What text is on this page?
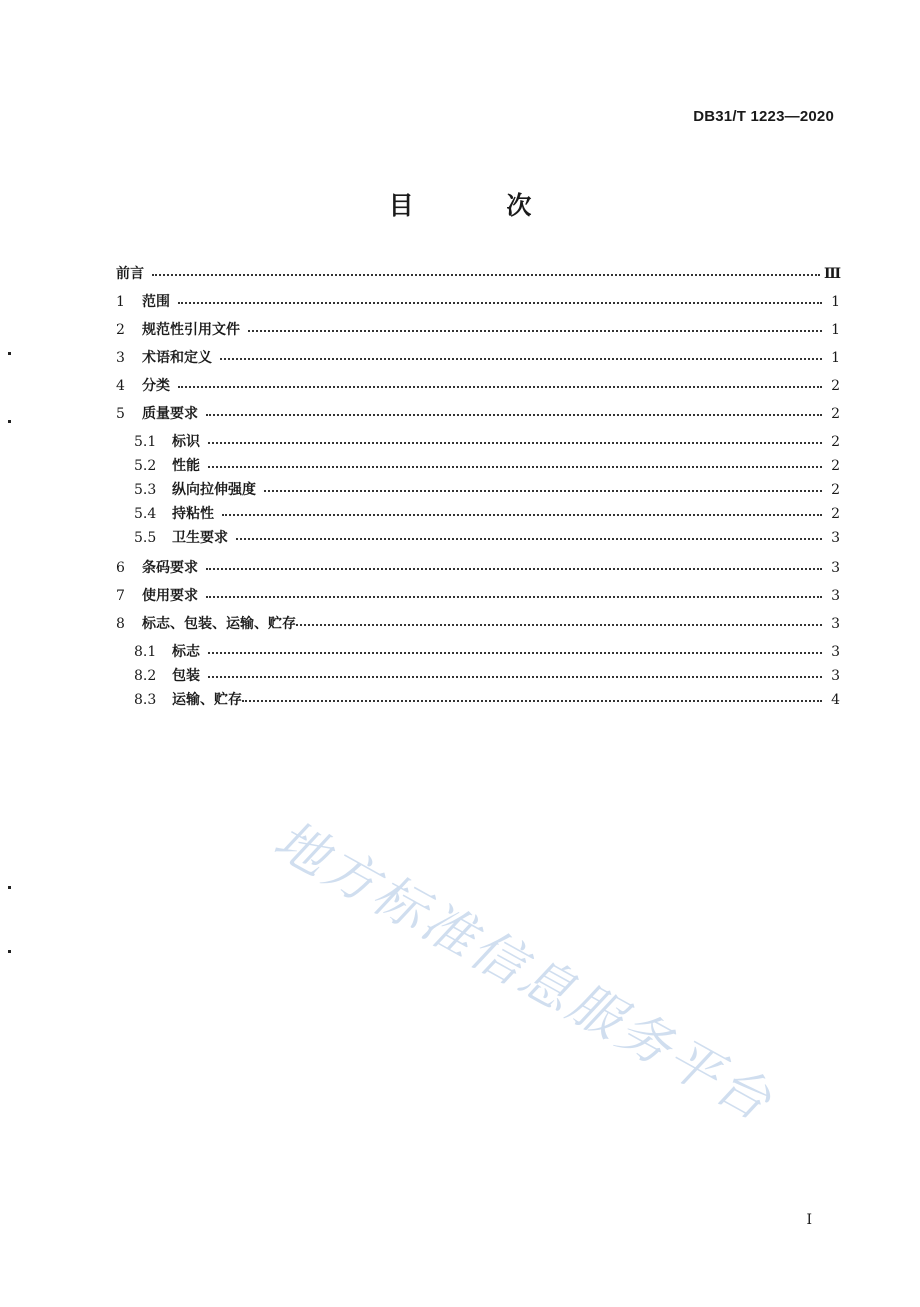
DB31/T 1223—2020
目 次
前言	Ⅲ
1	范围	1
2	规范性引用文件	1
3	术语和定义	1
4	分类	2
5	质量要求	2
5.1	标识	2
5.2	性能	2
5.3	纵向拉伸强度	2
5.4	持粘性	2
5.5	卫生要求	3
6	条码要求	3
7	使用要求	3
8	标志、包装、运输、贮存	3
8.1	标志	3
8.2	包装	3
8.3	运输、贮存	4
地方标准信息服务平台
I
